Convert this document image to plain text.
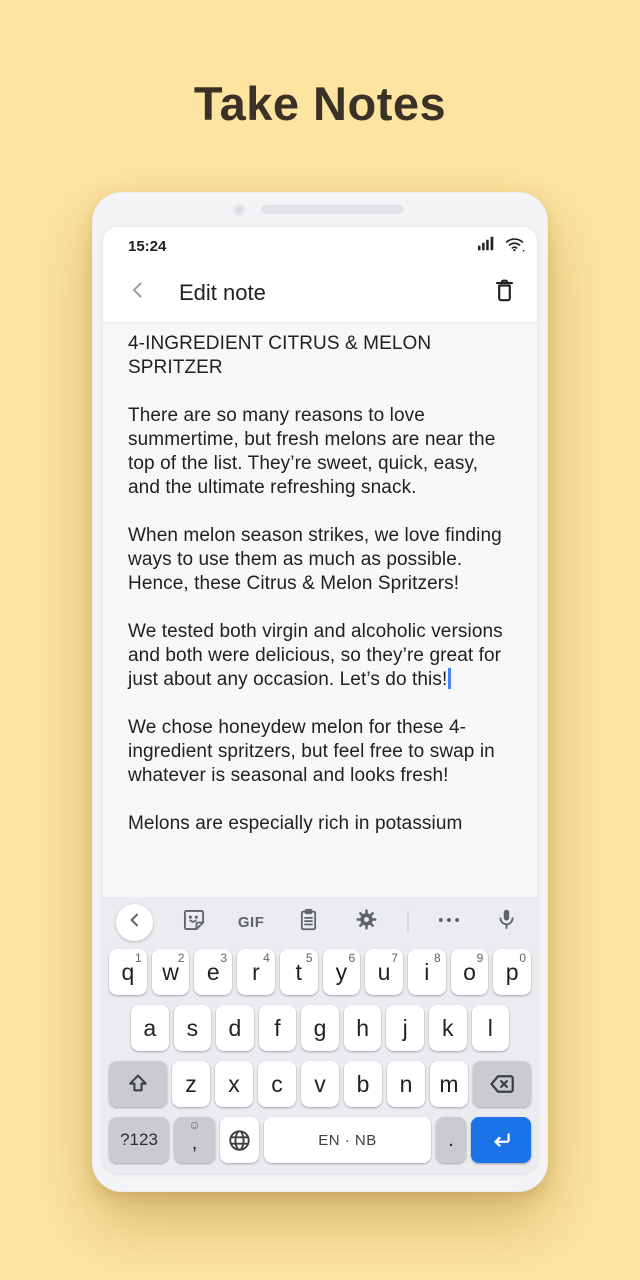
Take Notes
15:24
Edit note

4-INGREDIENT CITRUS & MELON SPRITZER

There are so many reasons to love summertime, but fresh melons are near the top of the list. They’re sweet, quick, easy, and the ultimate refreshing snack.

When melon season strikes, we love finding ways to use them as much as possible. Hence, these Citrus & Melon Spritzers!

We tested both virgin and alcoholic versions and both were delicious, so they’re great for just about any occasion. Let’s do this!

We chose honeydew melon for these 4-ingredient spritzers, but feel free to swap in whatever is seasonal and looks fresh!

Melons are especially rich in potassium

GIF
1
q
2
w
3
e
4
r
5
t
6
y
7
u
8
i
9
o
0
p
a s d f g h j k l
z x c v b n m
?123
☺
,	EN · NB	.
